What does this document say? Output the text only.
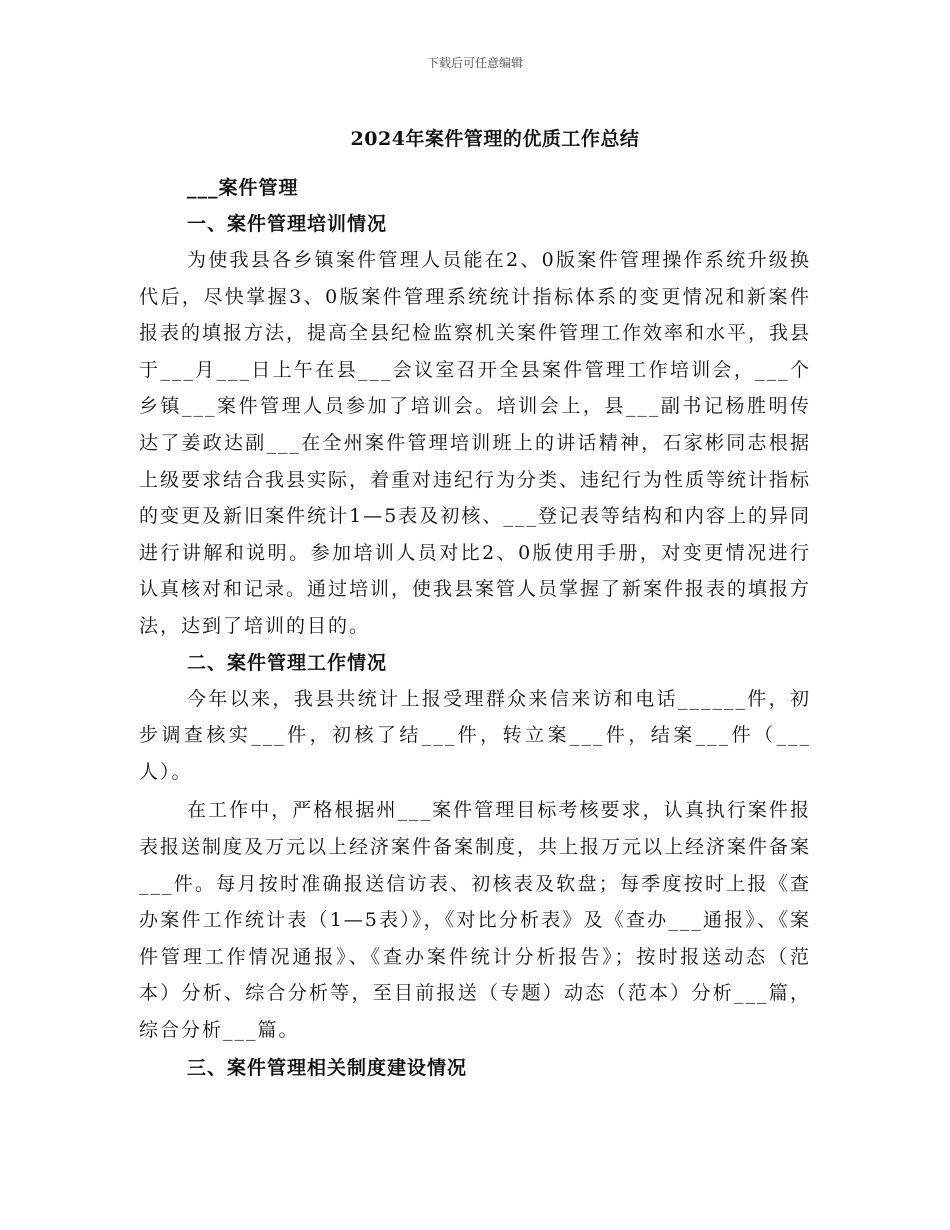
下载后可任意编辑
2024年案件管理的优质工作总结
___案件管理
一、案件管理培训情况

为使我县各乡镇案件管理人员能在2、0版案件管理操作系统升级换代后，尽快掌握3、0版案件管理系统统计指标体系的变更情况和新案件报表的填报方法，提高全县纪检监察机关案件管理工作效率和水平，我县于___月___日上午在县___会议室召开全县案件管理工作培训会，___个乡镇___案件管理人员参加了培训会。培训会上，县___副书记杨胜明传达了姜政达副___在全州案件管理培训班上的讲话精神，石家彬同志根据上级要求结合我县实际，着重对违纪行为分类、违纪行为性质等统计指标的变更及新旧案件统计1—5表及初核、___登记表等结构和内容上的异同进行讲解和说明。参加培训人员对比2、0版使用手册，对变更情况进行认真核对和记录。通过培训，使我县案管人员掌握了新案件报表的填报方法，达到了培训的目的。

二、案件管理工作情况

今年以来，我县共统计上报受理群众来信来访和电话______件，初步调查核实___件，初核了结___件，转立案___件，结案___件（___人）。

在工作中，严格根据州___案件管理目标考核要求，认真执行案件报表报送制度及万元以上经济案件备案制度，共上报万元以上经济案件备案___件。每月按时准确报送信访表、初核表及软盘；每季度按时上报《查办案件工作统计表（1—5表）》，《对比分析表》及《查办___通报》、《案件管理工作情况通报》、《查办案件统计分析报告》；按时报送动态（范本）分析、综合分析等，至目前报送（专题）动态（范本）分析___篇，综合分析___篇。

三、案件管理相关制度建设情况
